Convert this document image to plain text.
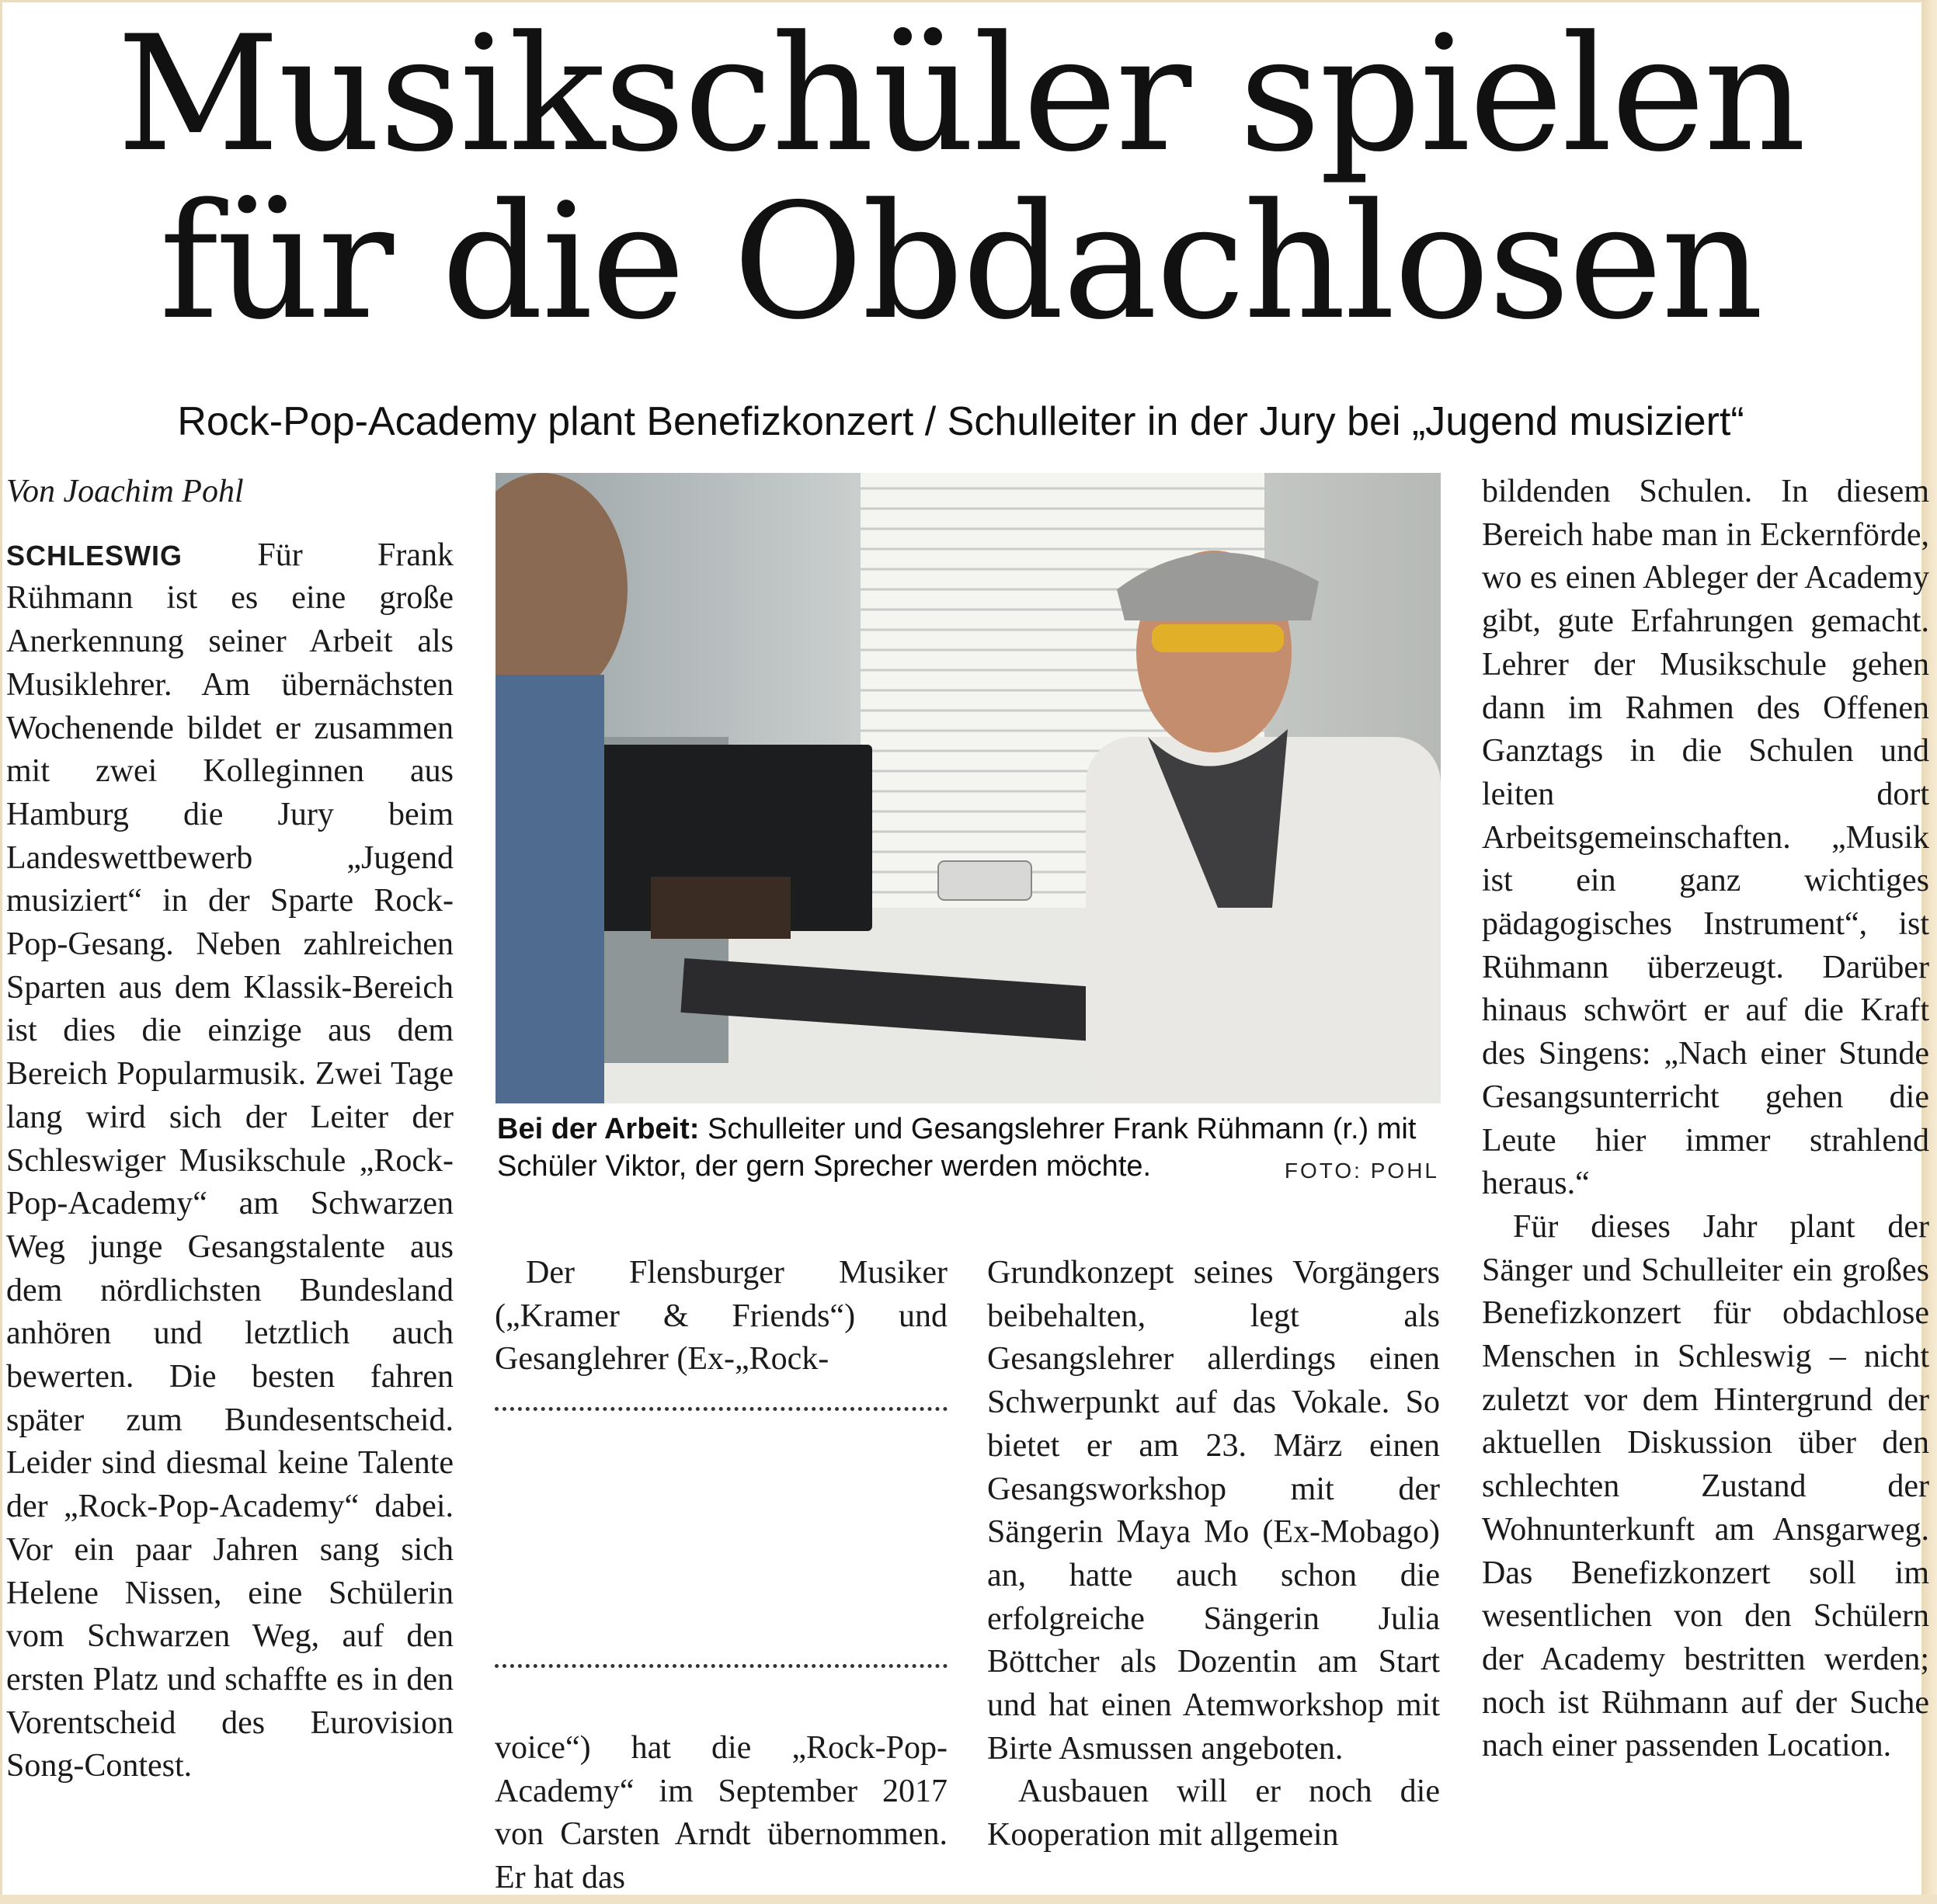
Musikschüler spielen
für die Obdachlosen
Rock-Pop-Academy plant Benefizkonzert / Schulleiter in der Jury bei „Jugend musiziert“

Von Joachim Pohl

SCHLESWIG Für Frank Rühmann ist es eine große Anerkennung seiner Arbeit als Musiklehrer. Am übernächsten Wochenende bildet er zusammen mit zwei Kolleginnen aus Hamburg die Jury beim Landeswettbewerb „Jugend musiziert“ in der Sparte Rock-Pop-Gesang. Neben zahlreichen Sparten aus dem Klassik-Bereich ist dies die einzige aus dem Bereich Popularmusik. Zwei Tage lang wird sich der Leiter der Schleswiger Musikschule „Rock-Pop-Academy“ am Schwarzen Weg junge Gesangstalente aus dem nördlichsten Bundesland anhören und letztlich auch bewerten. Die besten fahren später zum Bundesentscheid. Leider sind diesmal keine Talente der „Rock-Pop-Academy“ dabei. Vor ein paar Jahren sang sich Helene Nissen, eine Schülerin vom Schwarzen Weg, auf den ersten Platz und schaffte es in den Vorentscheid des Eurovision Song-Contest.

Bei der Arbeit: Schulleiter und Gesangslehrer Frank Rühmann (r.) mit Schüler Viktor, der gern Sprecher werden möchte.	FOTO: POHL

Der Flensburger Musiker („Kramer & Friends“) und Gesanglehrer (Ex-„Rock-

voice“) hat die „Rock-Pop-Academy“ im September 2017 von Carsten Arndt übernommen. Er hat das

Grundkonzept seines Vorgängers beibehalten, legt als Gesangslehrer allerdings einen Schwerpunkt auf das Vokale. So bietet er am 23. März einen Gesangsworkshop mit der Sängerin Maya Mo (Ex-Mobago) an, hatte auch schon die erfolgreiche Sängerin Julia Böttcher als Dozentin am Start und hat einen Atemworkshop mit Birte Asmussen angeboten.

Ausbauen will er noch die Kooperation mit allgemein

bildenden Schulen. In diesem Bereich habe man in Eckernförde, wo es einen Ableger der Academy gibt, gute Erfahrungen gemacht. Lehrer der Musikschule gehen dann im Rahmen des Offenen Ganztags in die Schulen und leiten dort Arbeitsgemeinschaften. „Musik ist ein ganz wichtiges pädagogisches Instrument“, ist Rühmann überzeugt. Darüber hinaus schwört er auf die Kraft des Singens: „Nach einer Stunde Gesangsunterricht gehen die Leute hier immer strahlend heraus.“

Für dieses Jahr plant der Sänger und Schulleiter ein großes Benefizkonzert für obdachlose Menschen in Schleswig – nicht zuletzt vor dem Hintergrund der aktuellen Diskussion über den schlechten Zustand der Wohnunterkunft am Ansgarweg. Das Benefizkonzert soll im wesentlichen von den Schülern der Academy bestritten werden; noch ist Rühmann auf der Suche nach einer passenden Location.
